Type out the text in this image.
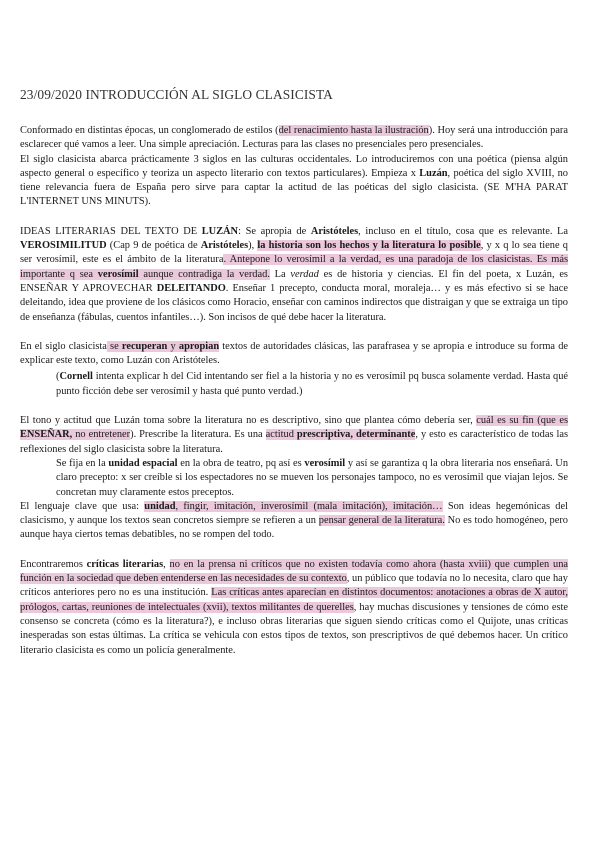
23/09/2020 INTRODUCCIÓN AL SIGLO CLASICISTA

Conformado en distintas épocas, un conglomerado de estilos (del renacimiento hasta la ilustración). Hoy será una introducción para esclarecer qué vamos a leer. Una simple apreciación. Lecturas para las clases no presenciales pero presenciales.

El siglo clasicista abarca prácticamente 3 siglos en las culturas occidentales. Lo introduciremos con una poética (piensa algún aspecto general o específico y teoriza un aspecto literario con textos particulares). Empieza x Luzán, poética del siglo XVIII, no tiene relevancia fuera de España pero sirve para captar la actitud de las poéticas del siglo clasicista. (SE M'HA PARAT L'INTERNET UNS MINUTS).

IDEAS LITERARIAS DEL TEXTO DE LUZÁN: Se apropia de Aristóteles, incluso en el título, cosa que es relevante. La VEROSIMILITUD (Cap 9 de poética de Aristóteles), la historia son los hechos y la literatura lo posible, y x q lo sea tiene q ser verosímil, este es el ámbito de la literatura. Antepone lo verosímil a la verdad, es una paradoja de los clasicistas. Es más importante q sea verosímil aunque contradiga la verdad. La verdad es de historia y ciencias. El fin del poeta, x Luzán, es ENSEÑAR Y APROVECHAR DELEITANDO. Enseñar 1 precepto, conducta moral, moraleja… y es más efectivo si se hace deleitando, idea que proviene de los clásicos como Horacio, enseñar con caminos indirectos que distraigan y que se extraiga un tipo de enseñanza (fábulas, cuentos infantiles…). Son incisos de qué debe hacer la literatura.

En el siglo clasicista se recuperan y apropian textos de autoridades clásicas, las parafrasea y se apropia e introduce su forma de explicar este texto, como Luzán con Aristóteles.

(Cornell intenta explicar h del Cid intentando ser fiel a la historia y no es verosímil pq busca solamente verdad. Hasta qué punto ficción debe ser verosímil y hasta qué punto verdad.)

El tono y actitud que Luzán toma sobre la literatura no es descriptivo, sino que plantea cómo debería ser, cuál es su fin (que es ENSEÑAR, no entretener). Prescribe la literatura. Es una actitud prescriptiva, determinante, y esto es característico de todas las reflexiones del siglo clasicista sobre la literatura.

Se fija en la unidad espacial en la obra de teatro, pq así es verosímil y así se garantiza q la obra literaria nos enseñará. Un claro precepto: x ser creíble si los espectadores no se mueven los personajes tampoco, no es verosímil que viajan lejos. Se concretan muy claramente estos preceptos.

El lenguaje clave que usa: unidad, fingir, imitación, inverosímil (mala imitación), imitación… Son ideas hegemónicas del clasicismo, y aunque los textos sean concretos siempre se refieren a un pensar general de la literatura. No es todo homogéneo, pero aunque haya ciertos temas debatibles, no se rompen del todo.

Encontraremos críticas literarias, no en la prensa ni críticos que no existen todavía como ahora (hasta xviii) que cumplen una función en la sociedad que deben entenderse en las necesidades de su contexto, un público que todavía no lo necesita, claro que hay críticos anteriores pero no es una institución. Las críticas antes aparecían en distintos documentos: anotaciones a obras de X autor, prólogos, cartas, reuniones de intelectuales (xvii), textos militantes de querelles, hay muchas discusiones y tensiones de cómo este consenso se concreta (cómo es la literatura?), e incluso obras literarias que siguen siendo críticas como el Quijote, unas críticas inesperadas son estas últimas. La crítica se vehicula con estos tipos de textos, son prescriptivos de qué debemos hacer. Un crítico literario clasicista es como un policía generalmente.
